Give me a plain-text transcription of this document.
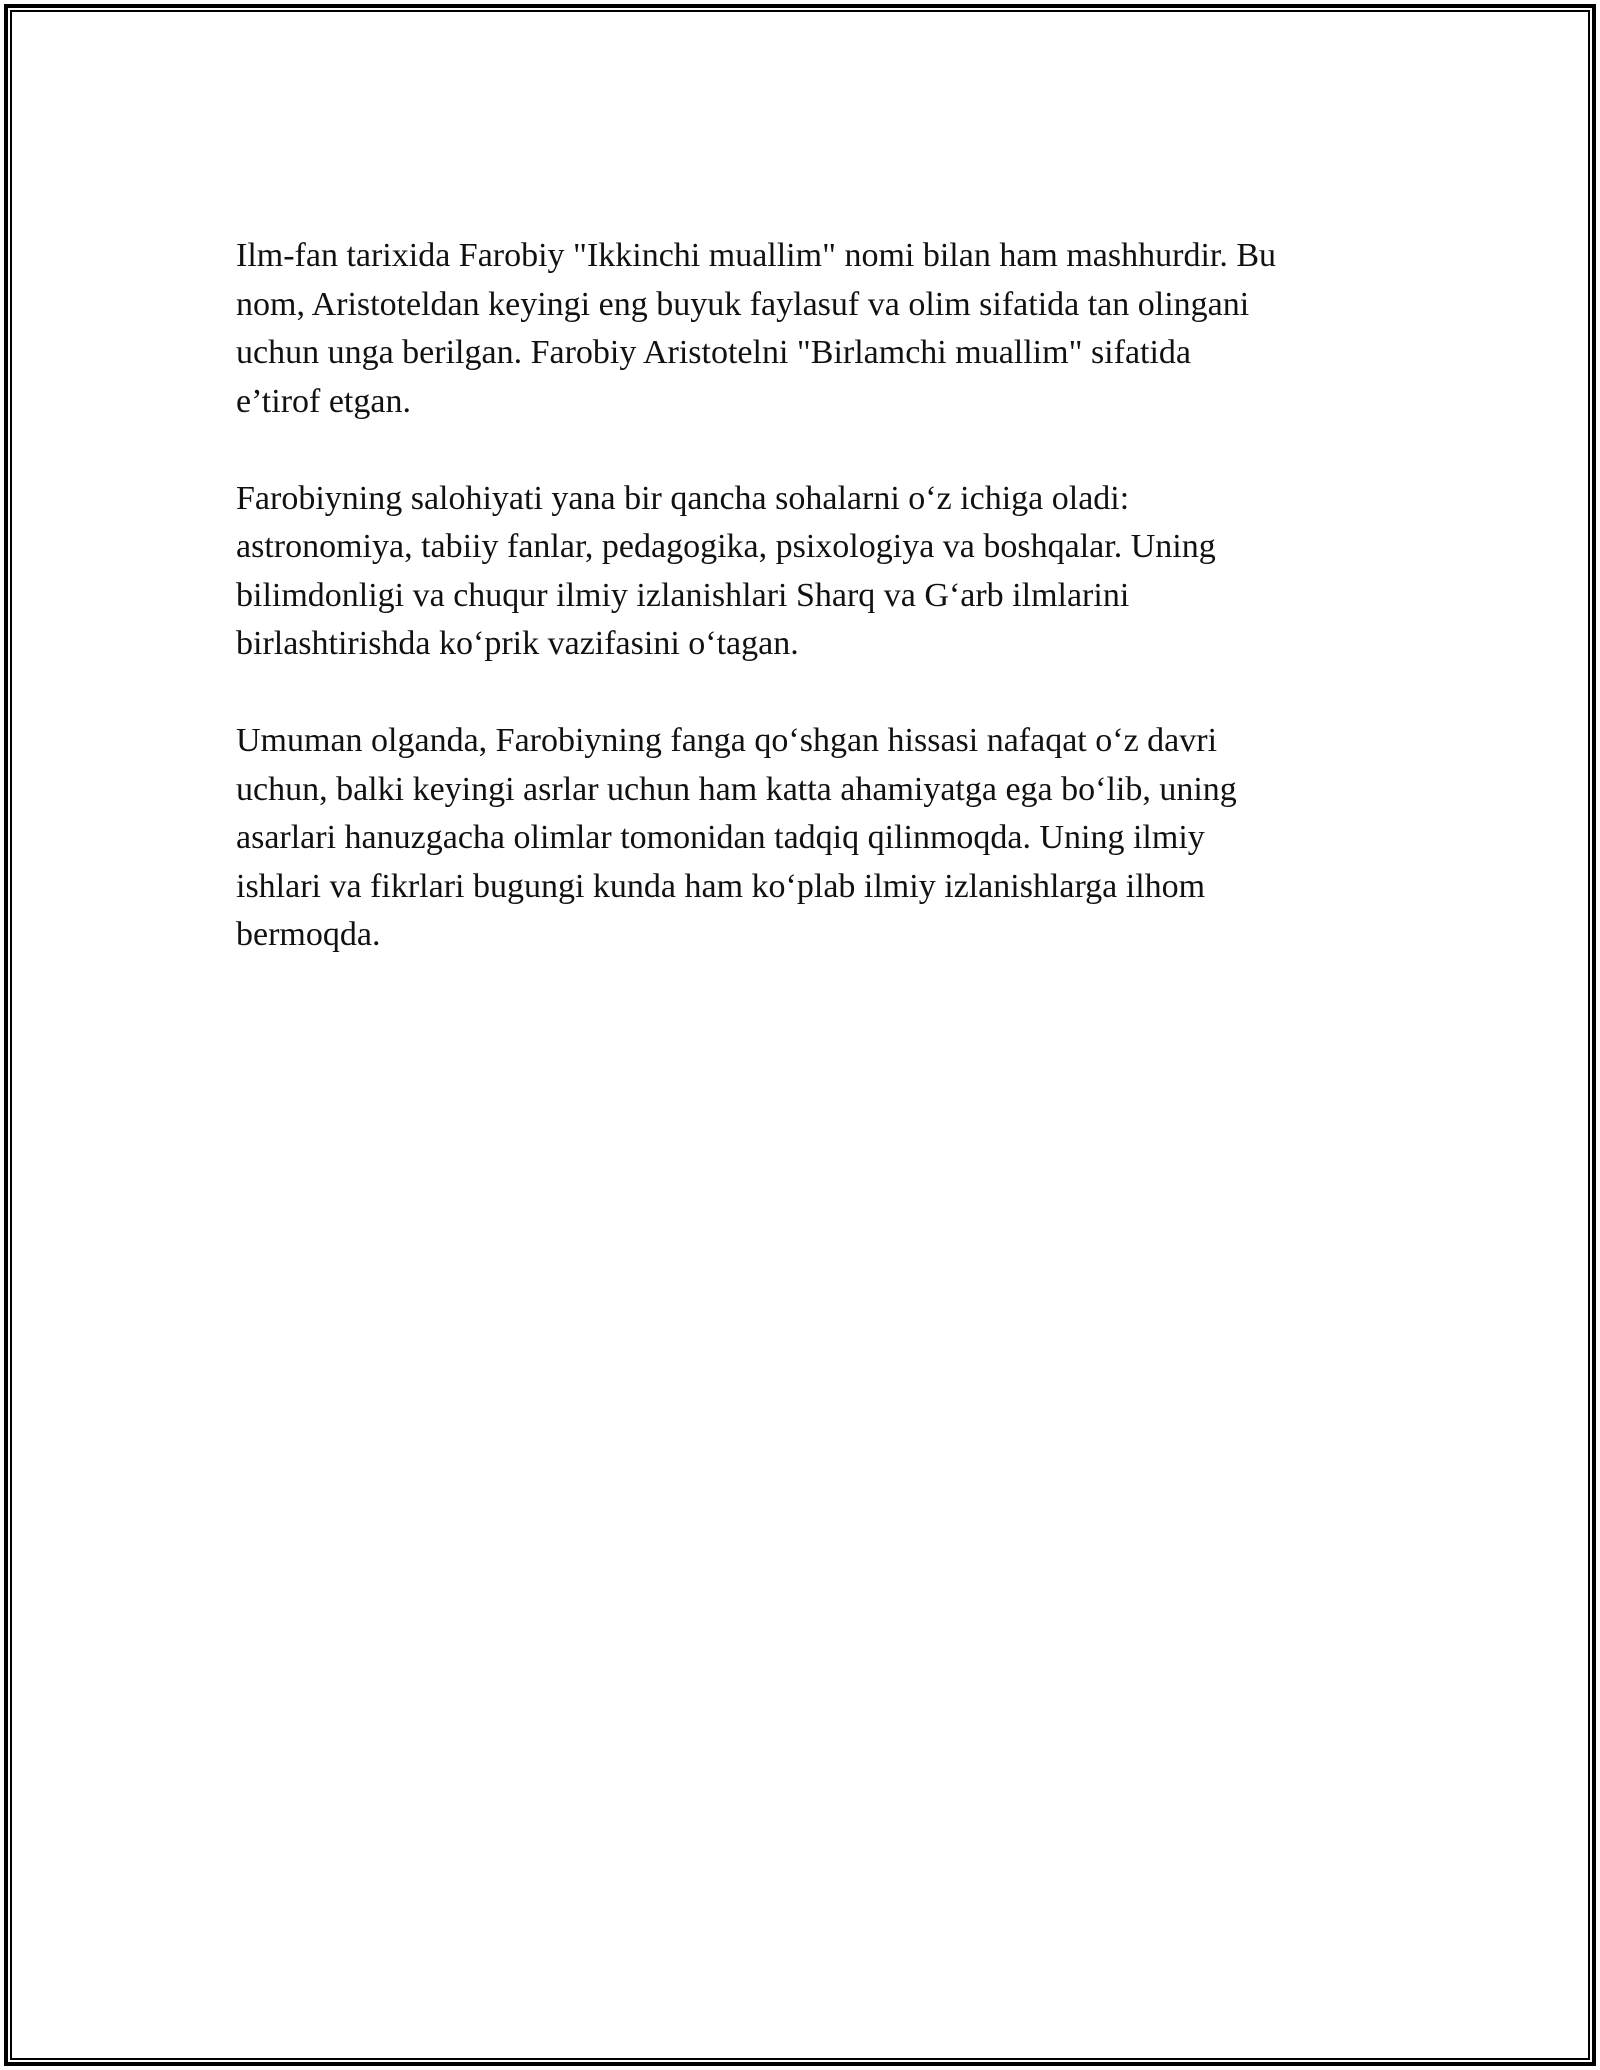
Ilm-fan tarixida Farobiy "Ikkinchi muallim" nomi bilan ham mashhurdir. Bu
nom, Aristoteldan keyingi eng buyuk faylasuf va olim sifatida tan olingani
uchun unga berilgan. Farobiy Aristotelni "Birlamchi muallim" sifatida
e’tirof etgan.

Farobiyning salohiyati yana bir qancha sohalarni o‘z ichiga oladi:
astronomiya, tabiiy fanlar, pedagogika, psixologiya va boshqalar. Uning
bilimdonligi va chuqur ilmiy izlanishlari Sharq va G‘arb ilmlarini
birlashtirishda ko‘prik vazifasini o‘tagan.

Umuman olganda, Farobiyning fanga qo‘shgan hissasi nafaqat o‘z davri
uchun, balki keyingi asrlar uchun ham katta ahamiyatga ega bo‘lib, uning
asarlari hanuzgacha olimlar tomonidan tadqiq qilinmoqda. Uning ilmiy
ishlari va fikrlari bugungi kunda ham ko‘plab ilmiy izlanishlarga ilhom
bermoqda.
